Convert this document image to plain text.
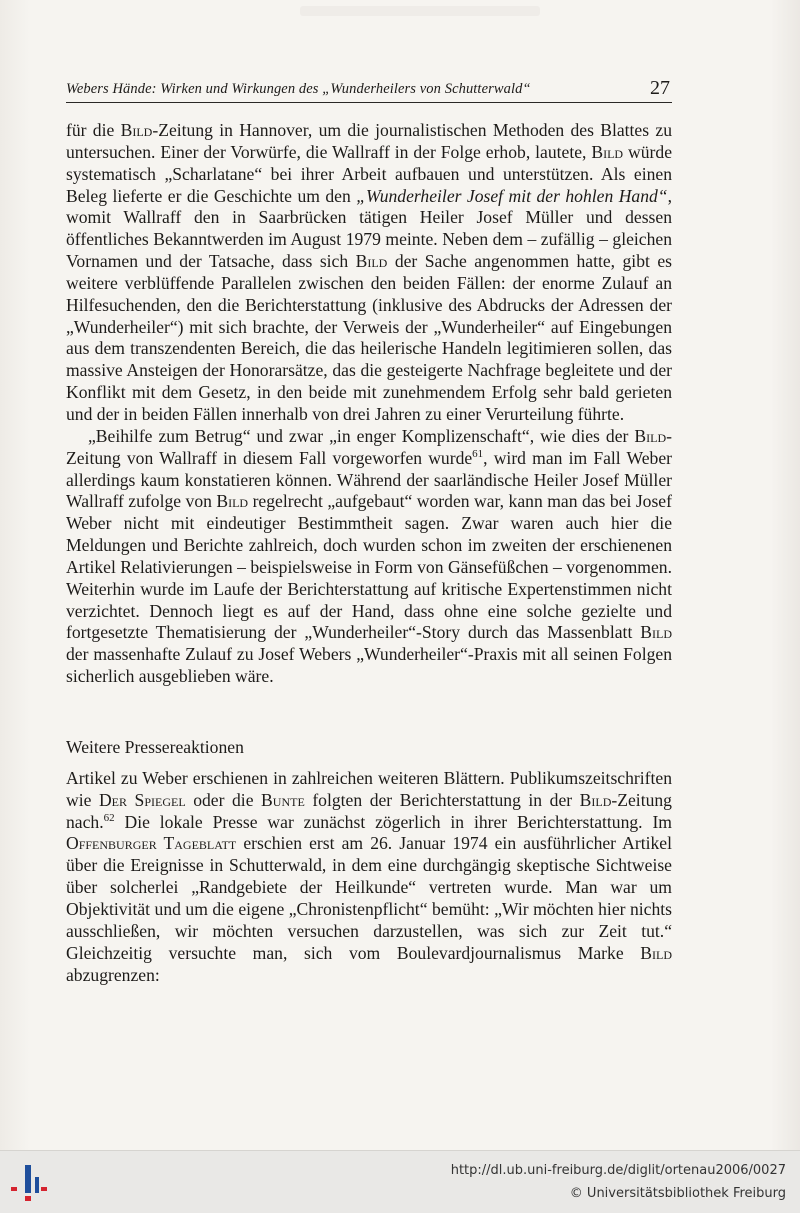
Webers Hände: Wirken und Wirkungen des „Wunderheilers von Schutterwald“	27

für die Bild-Zeitung in Hannover, um die journalistischen Methoden des Blattes zu untersuchen. Einer der Vorwürfe, die Wallraff in der Folge erhob, lautete, Bild würde systematisch „Scharlatane“ bei ihrer Arbeit aufbauen und unterstützen. Als einen Beleg lieferte er die Geschichte um den „Wunderheiler Josef mit der hohlen Hand“, womit Wallraff den in Saarbrücken tätigen Heiler Josef Müller und dessen öffentliches Bekanntwerden im August 1979 meinte. Neben dem – zufällig – gleichen Vornamen und der Tatsache, dass sich Bild der Sache angenommen hatte, gibt es weitere verblüffende Parallelen zwischen den beiden Fällen: der enorme Zulauf an Hilfesuchenden, den die Berichterstattung (inklusive des Abdrucks der Adressen der „Wunderheiler“) mit sich brachte, der Verweis der „Wunderheiler“ auf Eingebungen aus dem transzendenten Bereich, die das heilerische Handeln legitimieren sollen, das massive Ansteigen der Honorarsätze, das die gesteigerte Nachfrage begleitete und der Konflikt mit dem Gesetz, in den beide mit zunehmendem Erfolg sehr bald gerieten und der in beiden Fällen innerhalb von drei Jahren zu einer Verurteilung führte.

„Beihilfe zum Betrug“ und zwar „in enger Komplizenschaft“, wie dies der Bild-Zeitung von Wallraff in diesem Fall vorgeworfen wurde$^{61}$, wird man im Fall Weber allerdings kaum konstatieren können. Während der saarländische Heiler Josef Müller Wallraff zufolge von Bild regelrecht „aufgebaut“ worden war, kann man das bei Josef Weber nicht mit eindeutiger Bestimmtheit sagen. Zwar waren auch hier die Meldungen und Berichte zahlreich, doch wurden schon im zweiten der erschienenen Artikel Relativierungen – beispielsweise in Form von Gänsefüßchen – vorgenommen. Weiterhin wurde im Laufe der Berichterstattung auf kritische Expertenstimmen nicht verzichtet. Dennoch liegt es auf der Hand, dass ohne eine solche gezielte und fortgesetzte Thematisierung der „Wunderheiler“-Story durch das Massenblatt Bild der massenhafte Zulauf zu Josef Webers „Wunderheiler“-Praxis mit all seinen Folgen sicherlich ausgeblieben wäre.

Weitere Pressereaktionen

Artikel zu Weber erschienen in zahlreichen weiteren Blättern. Publikumszeitschriften wie Der Spiegel oder die Bunte folgten der Berichterstattung in der Bild-Zeitung nach.$^{62}$ Die lokale Presse war zunächst zögerlich in ihrer Berichterstattung. Im Offenburger Tageblatt erschien erst am 26. Januar 1974 ein ausführlicher Artikel über die Ereignisse in Schutterwald, in dem eine durchgängig skeptische Sichtweise über solcherlei „Randgebiete der Heilkunde“ vertreten wurde. Man war um Objektivität und um die eigene „Chronistenpflicht“ bemüht: „Wir möchten hier nichts ausschließen, wir möchten versuchen darzustellen, was sich zur Zeit tut.“ Gleichzeitig versuchte man, sich vom Boulevardjournalismus Marke Bild abzugrenzen:

http://dl.ub.uni-freiburg.de/diglit/ortenau2006/0027
© Universitätsbibliothek Freiburg
